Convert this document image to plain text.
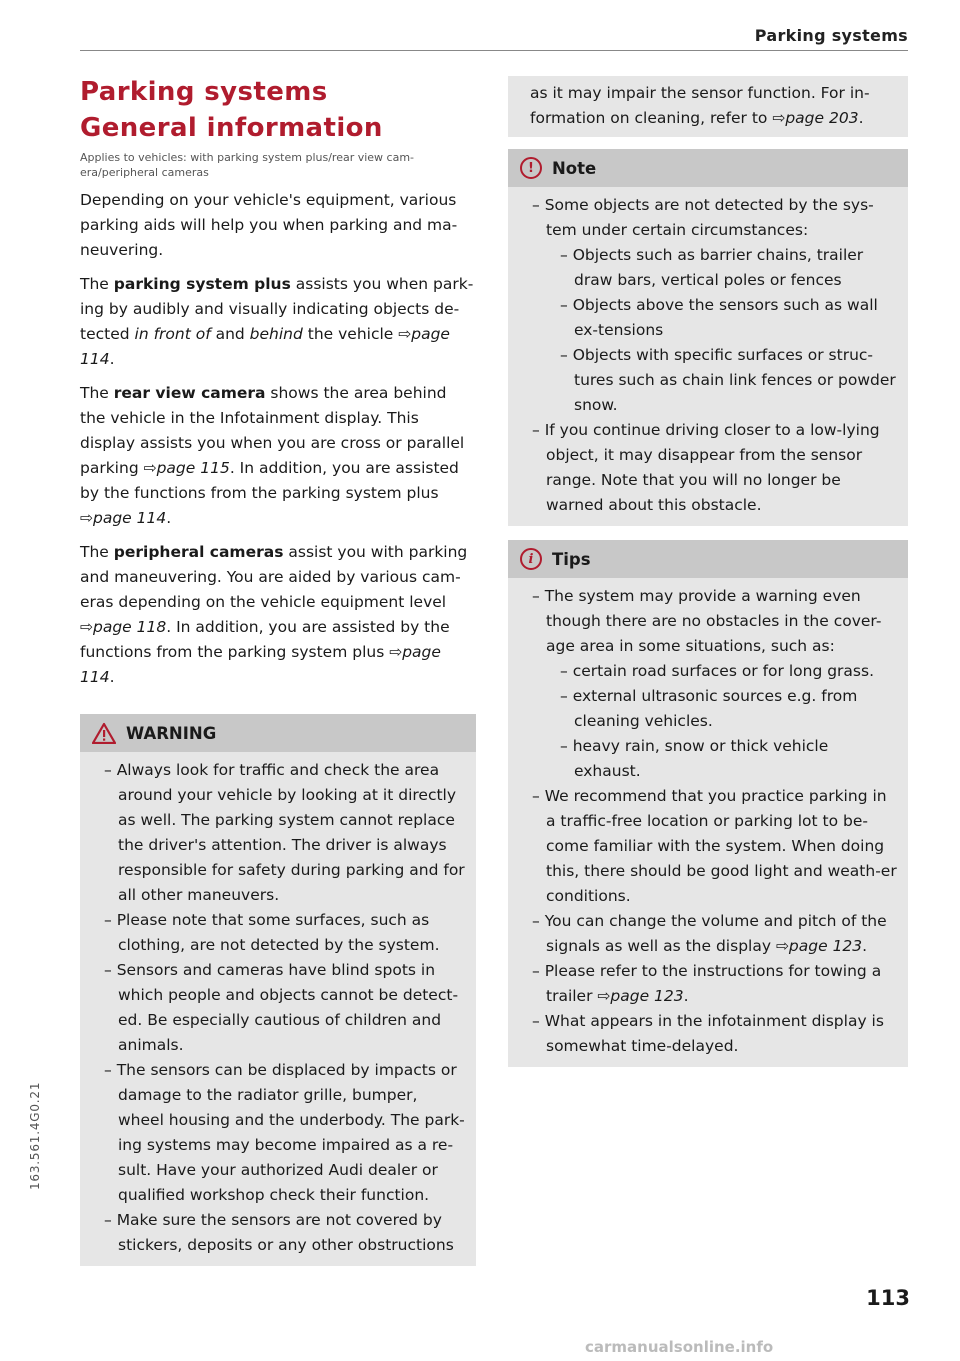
Parking systems
Parking systems
General information
Applies to vehicles: with parking system plus/rear view cam-era/peripheral cameras

Depending on your vehicle's equipment, various parking aids will help you when parking and ma-neuvering.

The parking system plus assists you when park-ing by audibly and visually indicating objects de-tected in front of and behind the vehicle ⇨page 114.

The rear view camera shows the area behind the vehicle in the Infotainment display. This display assists you when you are cross or parallel parking ⇨page 115. In addition, you are assisted by the functions from the parking system plus ⇨page 114.

The peripheral cameras assist you with parking and maneuvering. You are aided by various cam-eras depending on the vehicle equipment level ⇨page 118. In addition, you are assisted by the functions from the parking system plus ⇨page 114.

WARNING
– Always look for traffic and check the area around your vehicle by looking at it directly as well. The parking system cannot replace the driver's attention. The driver is always responsible for safety during parking and for all other maneuvers.
– Please note that some surfaces, such as clothing, are not detected by the system.
– Sensors and cameras have blind spots in which people and objects cannot be detect-ed. Be especially cautious of children and animals.
– The sensors can be displaced by impacts or damage to the radiator grille, bumper, wheel housing and the underbody. The park-ing systems may become impaired as a re-sult. Have your authorized Audi dealer or qualified workshop check their function.
– Make sure the sensors are not covered by stickers, deposits or any other obstructions

as it may impair the sensor function. For in-formation on cleaning, refer to ⇨page 203.

!	Note
– Some objects are not detected by the sys-tem under certain circumstances:
– Objects such as barrier chains, trailer draw bars, vertical poles or fences
– Objects above the sensors such as wall ex-tensions
– Objects with specific surfaces or struc-tures such as chain link fences or powder snow.
– If you continue driving closer to a low-lying object, it may disappear from the sensor range. Note that you will no longer be warned about this obstacle.
i	Tips
– The system may provide a warning even though there are no obstacles in the cover-age area in some situations, such as:
– certain road surfaces or for long grass.
– external ultrasonic sources e.g. from cleaning vehicles.
– heavy rain, snow or thick vehicle exhaust.
– We recommend that you practice parking in a traffic-free location or parking lot to be-come familiar with the system. When doing this, there should be good light and weath-er conditions.
– You can change the volume and pitch of the signals as well as the display ⇨page 123.
– Please refer to the instructions for towing a trailer ⇨page 123.
– What appears in the infotainment display is somewhat time-delayed.
163.561.4G0.21
113
carmanualsonline.info
